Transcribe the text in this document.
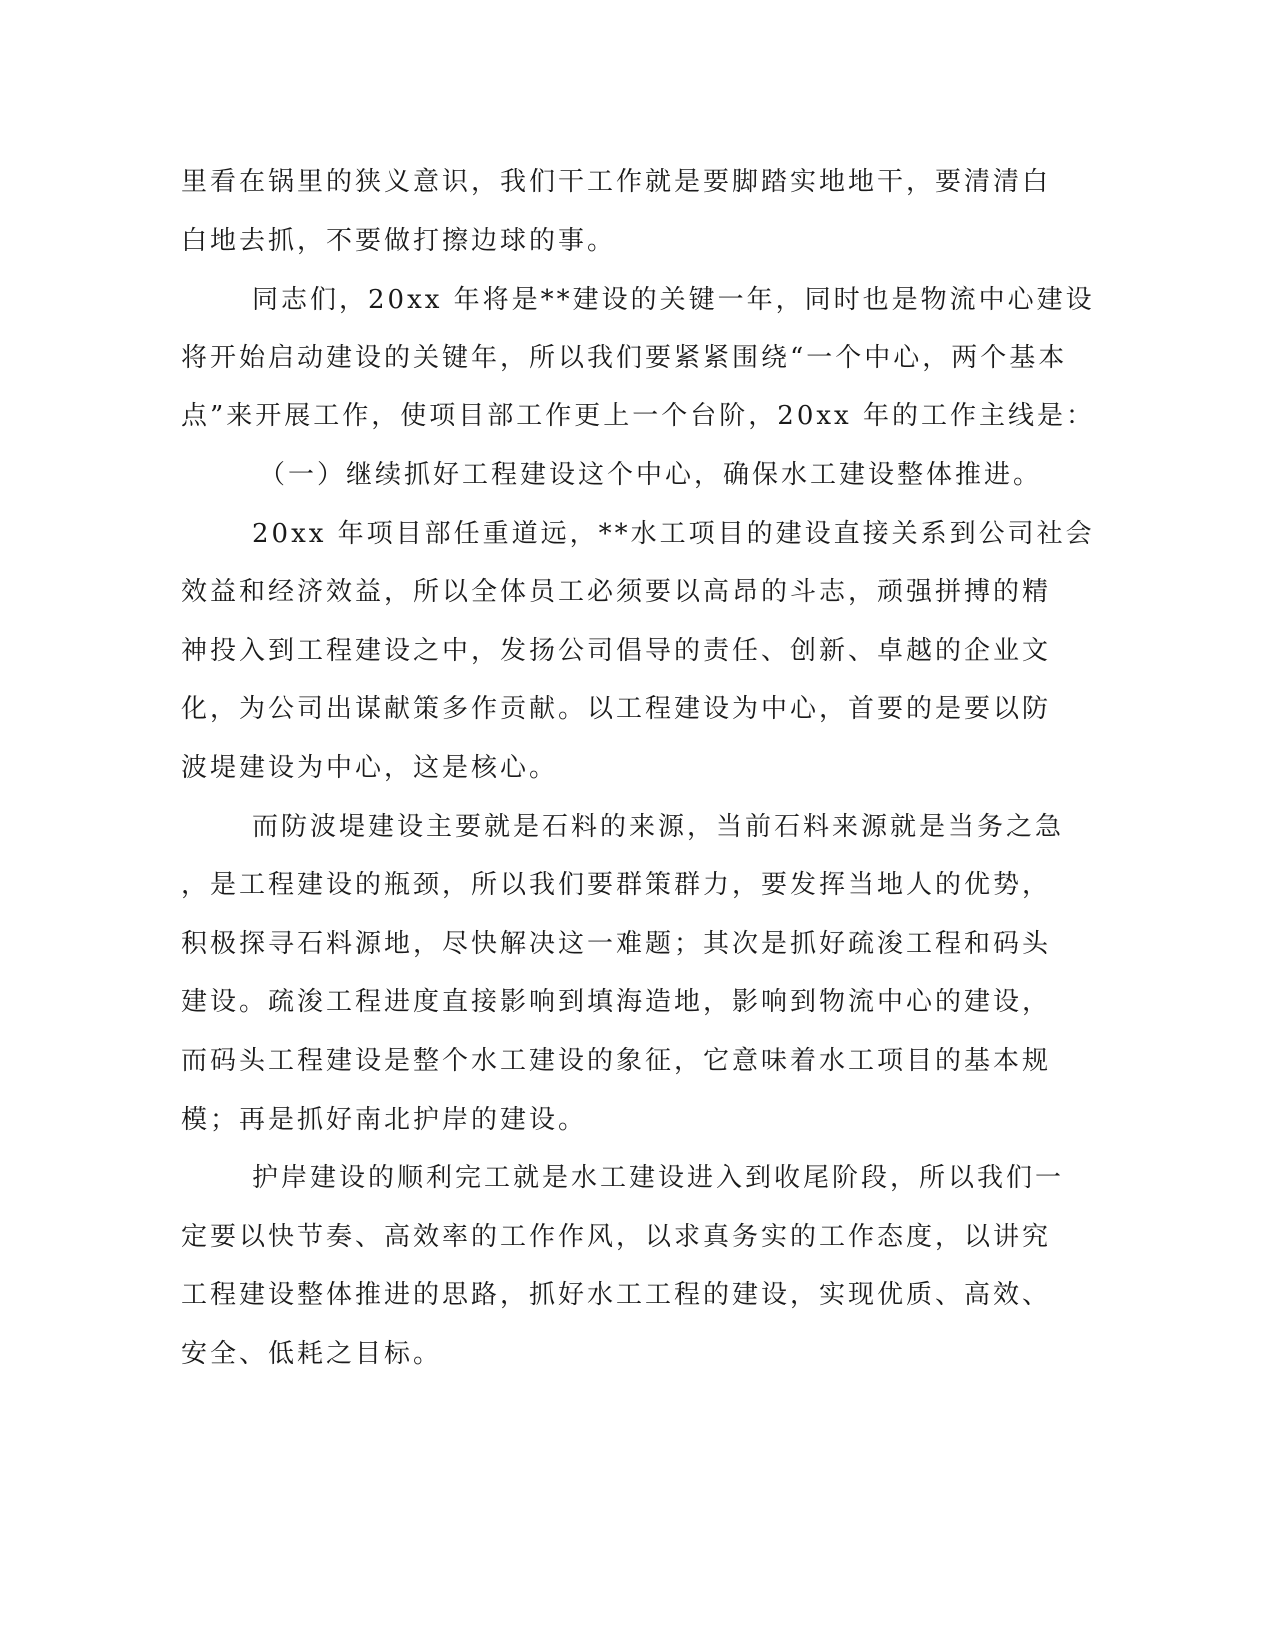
里看在锅里的狭义意识，我们干工作就是要脚踏实地地干，要清清白
白地去抓，不要做打擦边球的事。
同志们，20xx 年将是**建设的关键一年，同时也是物流中心建设
将开始启动建设的关键年，所以我们要紧紧围绕“一个中心，两个基本
点”来开展工作，使项目部工作更上一个台阶，20xx 年的工作主线是：
（一）继续抓好工程建设这个中心，确保水工建设整体推进。
20xx 年项目部任重道远，**水工项目的建设直接关系到公司社会
效益和经济效益，所以全体员工必须要以高昂的斗志，顽强拼搏的精
神投入到工程建设之中，发扬公司倡导的责任、创新、卓越的企业文
化，为公司出谋献策多作贡献。以工程建设为中心，首要的是要以防
波堤建设为中心，这是核心。
而防波堤建设主要就是石料的来源，当前石料来源就是当务之急
，是工程建设的瓶颈，所以我们要群策群力，要发挥当地人的优势，
积极探寻石料源地，尽快解决这一难题；其次是抓好疏浚工程和码头
建设。疏浚工程进度直接影响到填海造地，影响到物流中心的建设，
而码头工程建设是整个水工建设的象征，它意味着水工项目的基本规
模；再是抓好南北护岸的建设。
护岸建设的顺利完工就是水工建设进入到收尾阶段，所以我们一
定要以快节奏、高效率的工作作风，以求真务实的工作态度，以讲究
工程建设整体推进的思路，抓好水工工程的建设，实现优质、高效、
安全、低耗之目标。
